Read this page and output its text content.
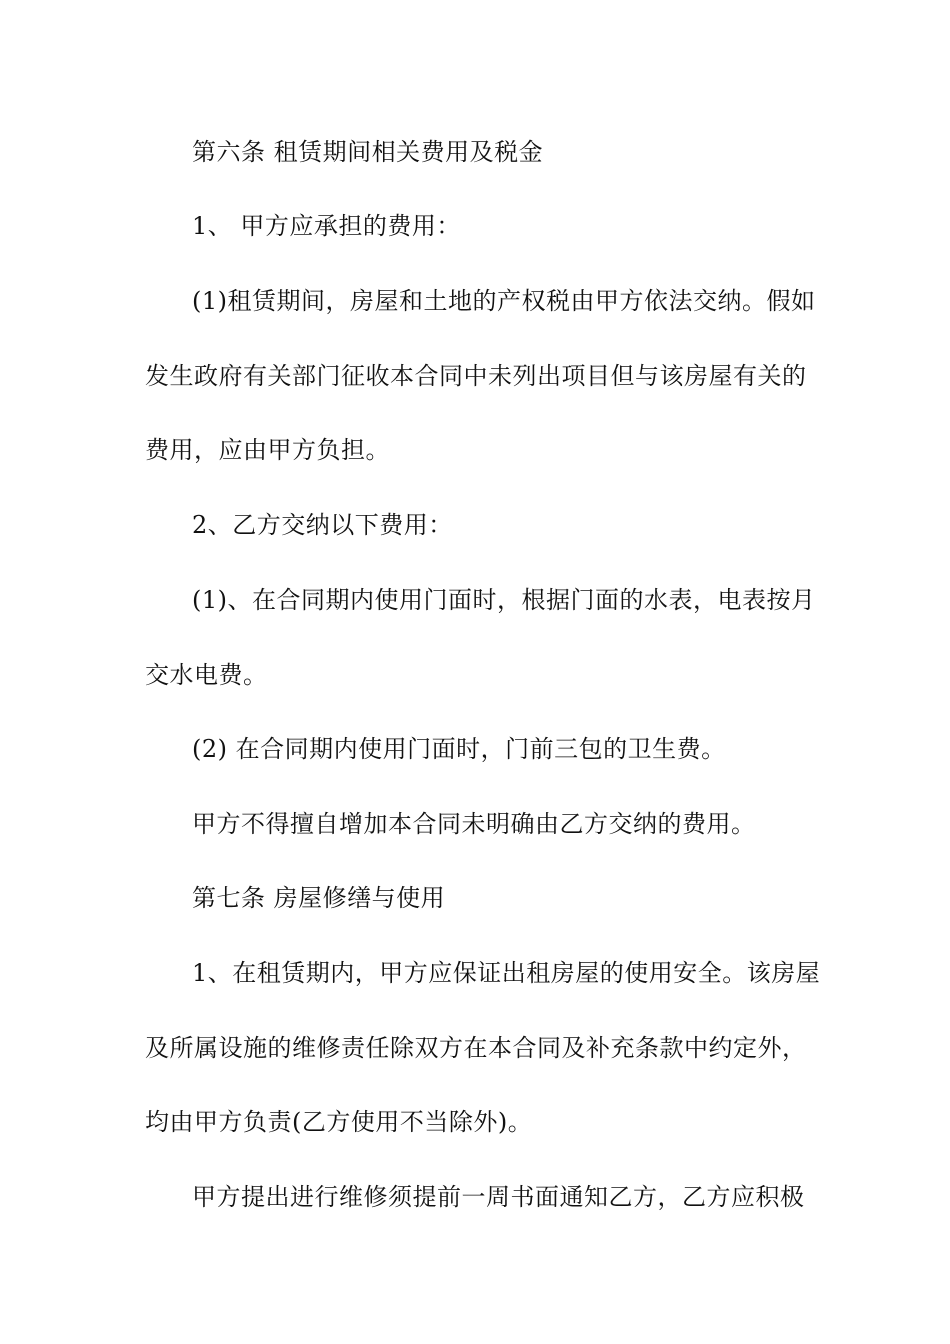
第六条 租赁期间相关费用及税金
1、 甲方应承担的费用：
(1)租赁期间，房屋和土地的产权税由甲方依法交纳。假如
发生政府有关部门征收本合同中未列出项目但与该房屋有关的
费用，应由甲方负担。
2、乙方交纳以下费用：
(1)、在合同期内使用门面时，根据门面的水表，电表按月
交水电费。
(2) 在合同期内使用门面时，门前三包的卫生费。
甲方不得擅自增加本合同未明确由乙方交纳的费用。
第七条 房屋修缮与使用
1、在租赁期内，甲方应保证出租房屋的使用安全。该房屋
及所属设施的维修责任除双方在本合同及补充条款中约定外，
均由甲方负责(乙方使用不当除外)。
甲方提出进行维修须提前一周书面通知乙方，乙方应积极
